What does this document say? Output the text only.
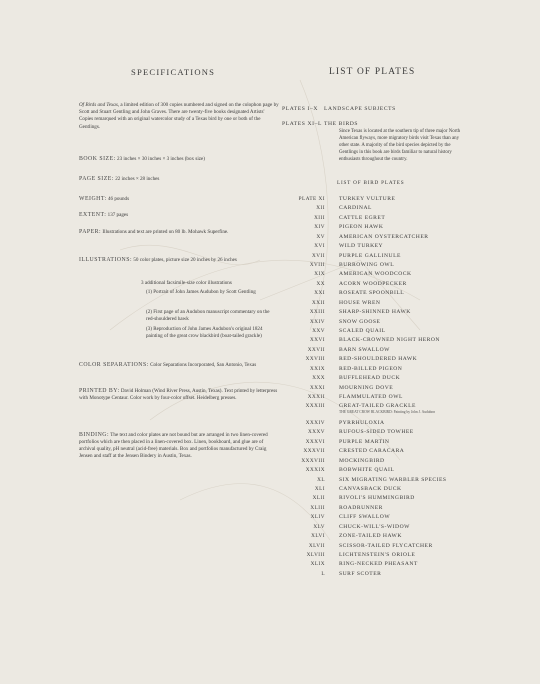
SPECIFICATIONS	LIST OF PLATES
Of Birds and Texas, a limited edition of 300 copies numbered and signed on the colophon page by Scott and Stuart Gentling and John Graves. There are twenty-five books designated Artists' Copies remarqued with an original watercolor study of a Texas bird by one or both of the Gentlings.
BOOK SIZE: 23 inches × 30 inches × 3 inches (box size)
PAGE SIZE: 22 inches × 28 inches
WEIGHT: 46 pounds
EXTENT: 137 pages
PAPER: Illustrations and text are printed on 80 lb. Mohawk Superfine.
ILLUSTRATIONS: 50 color plates, picture size 20 inches by 26 inches
3 additional facsimile-size color illustrations
(1) Portrait of John James Audubon by Scott Gentling
(2) First page of an Audubon manuscript commentary on the red-shouldered hawk
(3) Reproduction of John James Audubon's original 1824 painting of the great crow blackbird (boat-tailed grackle)
COLOR SEPARATIONS: Color Separations Incorporated, San Antonio, Texas
PRINTED BY: David Holman (Wind River Press, Austin, Texas). Text printed by letterpress with Monotype Centaur. Color work by four-color offset. Heidelberg presses.
BINDING: The text and color plates are not bound but are arranged in two linen-covered portfolios which are then placed in a linen-covered box. Linen, bookboard, and glue are of archival quality, pH neutral (acid-free) materials. Box and portfolios manufactured by Craig Jensen and staff at the Jensen Bindery in Austin, Texas.
PLATES I–X LANDSCAPE SUBJECTS
PLATES XI–L THE BIRDS
Since Texas is located at the southern tip of three major North American flyways, more migratory birds visit Texas than any other state. A majority of the bird species depicted by the Gentlings in this book are birds familiar to natural history enthusiasts throughout the country.
LIST OF BIRD PLATES
PLATE XI	TURKEY VULTURE
XII	CARDINAL
XIII	CATTLE EGRET
XIV	PIGEON HAWK
XV	AMERICAN OYSTERCATCHER
XVI	WILD TURKEY
XVII	PURPLE GALLINULE
XVIII	BURROWING OWL
XIX	AMERICAN WOODCOCK
XX	ACORN WOODPECKER
XXI	ROSEATE SPOONBILL
XXII	HOUSE WREN
XXIII	SHARP-SHINNED HAWK
XXIV	SNOW GOOSE
XXV	SCALED QUAIL
XXVI	BLACK-CROWNED NIGHT HERON
XXVII	BARN SWALLOW
XXVIII	RED-SHOULDERED HAWK
XXIX	RED-BILLED PIGEON
XXX	BUFFLEHEAD DUCK
XXXI	MOURNING DOVE
XXXII	FLAMMULATED OWL
XXXIII	GREAT-TAILED GRACKLE
THE GREAT CROW BLACKBIRD: Painting by John J. Audubon
XXXIV	PYRRHULOXIA
XXXV	RUFOUS-SIDED TOWHEE
XXXVI	PURPLE MARTIN
XXXVII	CRESTED CARACARA
XXXVIII	MOCKINGBIRD
XXXIX	BOBWHITE QUAIL
XL	SIX MIGRATING WARBLER SPECIES
XLI	CANVASBACK DUCK
XLII	RIVOLI'S HUMMINGBIRD
XLIII	ROADRUNNER
XLIV	CLIFF SWALLOW
XLV	CHUCK-WILL'S-WIDOW
XLVI	ZONE-TAILED HAWK
XLVII	SCISSOR-TAILED FLYCATCHER
XLVIII	LICHTENSTEIN'S ORIOLE
XLIX	RING-NECKED PHEASANT
L	SURF SCOTER
